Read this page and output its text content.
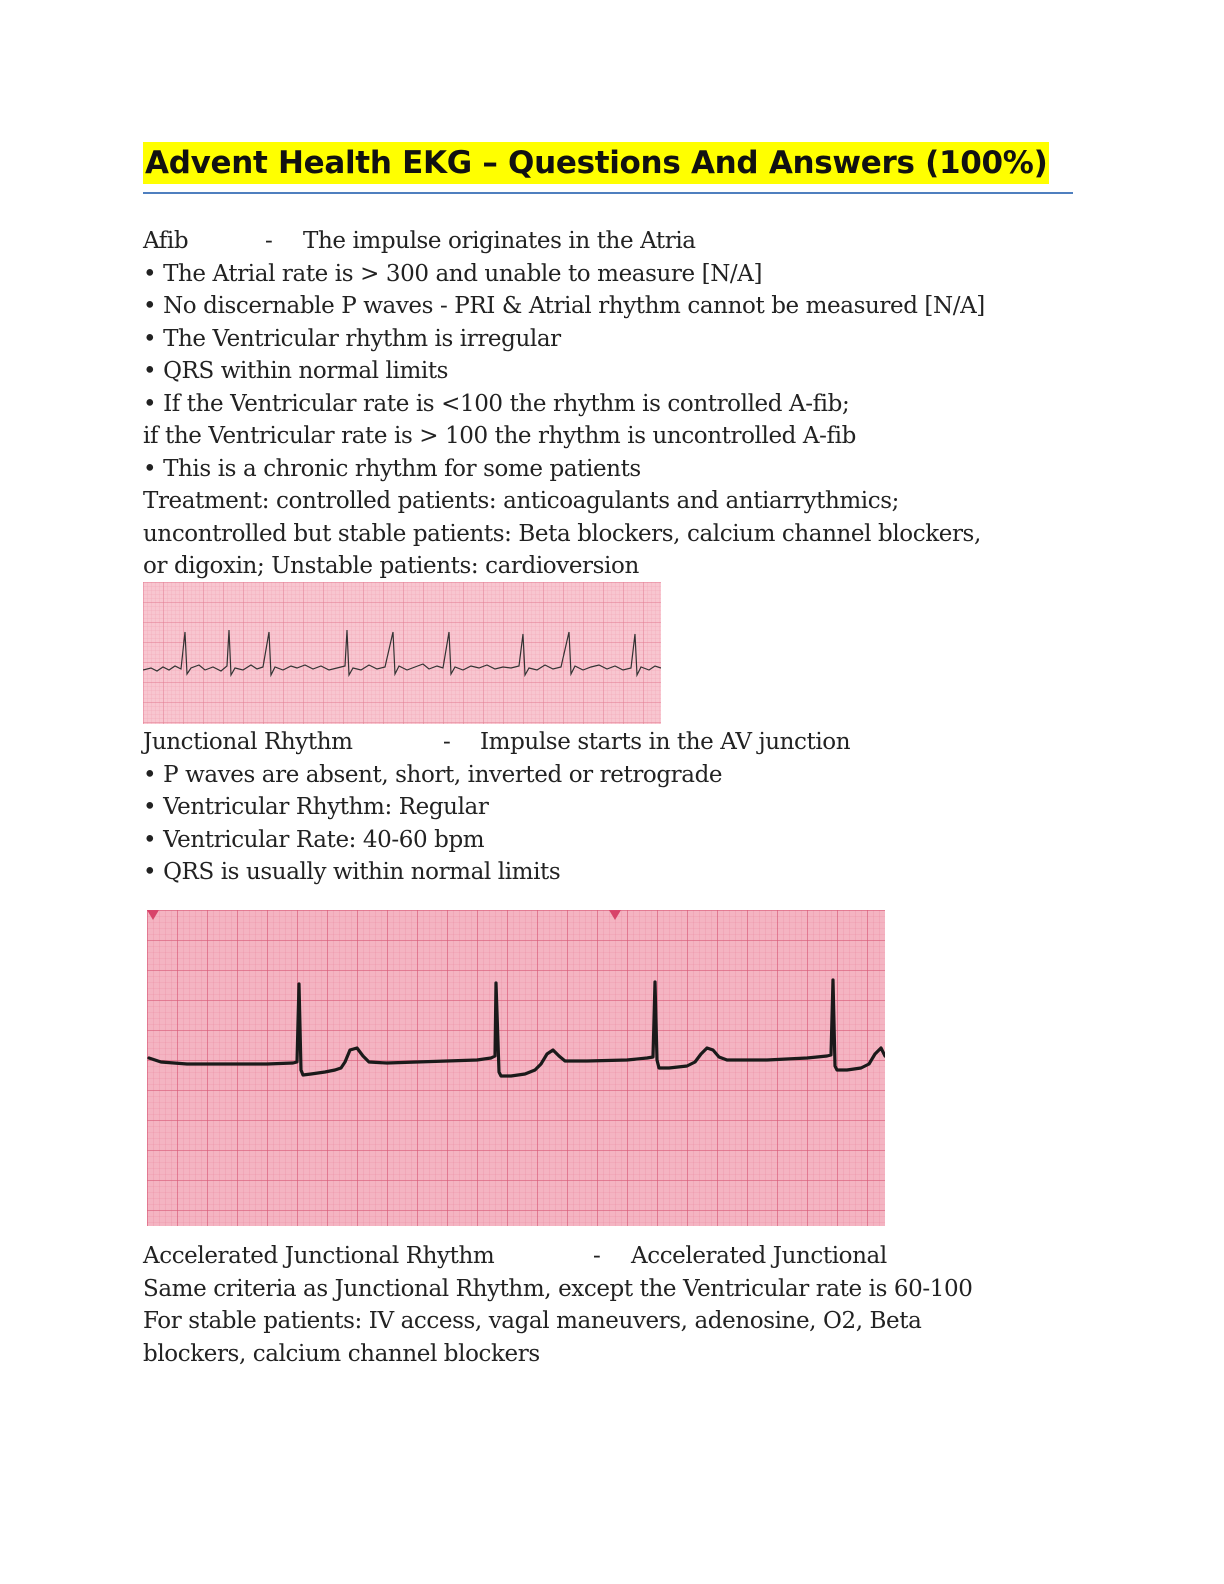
Advent Health EKG – Questions And Answers (100%)
Afib	- The impulse originates in the Atria
• The Atrial rate is > 300 and unable to measure [N/A]
• No discernable P waves - PRI & Atrial rhythm cannot be measured [N/A]
• The Ventricular rhythm is irregular
• QRS within normal limits
• If the Ventricular rate is <100 the rhythm is controlled A-fib;
if the Ventricular rate is > 100 the rhythm is uncontrolled A-fib
• This is a chronic rhythm for some patients
Treatment: controlled patients: anticoagulants and antiarrythmics;
uncontrolled but stable patients: Beta blockers, calcium channel blockers,
or digoxin; Unstable patients: cardioversion
Junctional Rhythm	- Impulse starts in the AV junction
• P waves are absent, short, inverted or retrograde
• Ventricular Rhythm: Regular
• Ventricular Rate: 40-60 bpm
• QRS is usually within normal limits
Accelerated Junctional Rhythm	- Accelerated Junctional
Same criteria as Junctional Rhythm, except the Ventricular rate is 60-100
For stable patients: IV access, vagal maneuvers, adenosine, O2, Beta
blockers, calcium channel blockers
